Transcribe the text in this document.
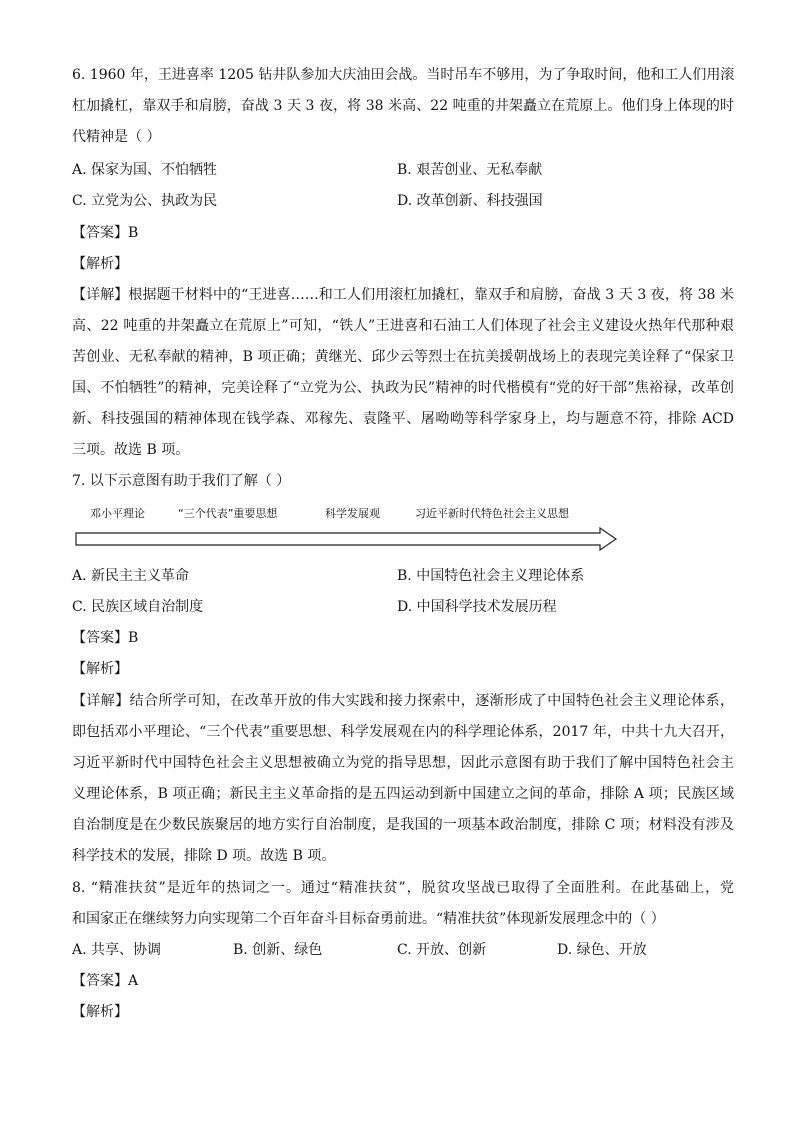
6. 1960 年，王进喜率 1205 钻井队参加大庆油田会战。当时吊车不够用，为了争取时间，他和工人们用滚
杠加撬杠，靠双手和肩膀，奋战 3 天 3 夜，将 38 米高、22 吨重的井架矗立在荒原上。他们身上体现的时
代精神是（ ）
A. 保家为国、不怕牺牲	B. 艰苦创业、无私奉献
C. 立党为公、执政为民	D. 改革创新、科技强国
【答案】B
【解析】
【详解】根据题干材料中的“王进喜……和工人们用滚杠加撬杠，靠双手和肩膀，奋战 3 天 3 夜，将 38 米
高、22 吨重的井架矗立在荒原上”可知，“铁人”王进喜和石油工人们体现了社会主义建设火热年代那种艰
苦创业、无私奉献的精神，B 项正确；黄继光、邱少云等烈士在抗美援朝战场上的表现完美诠释了“保家卫
国、不怕牺牲”的精神，完美诠释了“立党为公、执政为民”精神的时代楷模有“党的好干部”焦裕禄，改革创
新、科技强国的精神体现在钱学森、邓稼先、袁隆平、屠呦呦等科学家身上，均与题意不符，排除 ACD
三项。故选 B 项。
7. 以下示意图有助于我们了解（ ）
邓小平理论	“三个代表”重要思想	科学发展观	习近平新时代特色社会主义思想
A. 新民主主义革命	B. 中国特色社会主义理论体系
C. 民族区域自治制度	D. 中国科学技术发展历程
【答案】B
【解析】
【详解】结合所学可知，在改革开放的伟大实践和接力探索中，逐渐形成了中国特色社会主义理论体系，
即包括邓小平理论、“三个代表”重要思想、科学发展观在内的科学理论体系，2017 年，中共十九大召开，
习近平新时代中国特色社会主义思想被确立为党的指导思想，因此示意图有助于我们了解中国特色社会主
义理论体系，B 项正确；新民主主义革命指的是五四运动到新中国建立之间的革命，排除 A 项；民族区域
自治制度是在少数民族聚居的地方实行自治制度，是我国的一项基本政治制度，排除 C 项；材料没有涉及
科学技术的发展，排除 D 项。故选 B 项。
8. “精准扶贫”是近年的热词之一。通过“精准扶贫”，脱贫攻坚战已取得了全面胜利。在此基础上，党
和国家正在继续努力向实现第二个百年奋斗目标奋勇前进。“精准扶贫”体现新发展理念中的（ ）
A. 共享、协调	B. 创新、绿色	C. 开放、创新	D. 绿色、开放
【答案】A
【解析】
